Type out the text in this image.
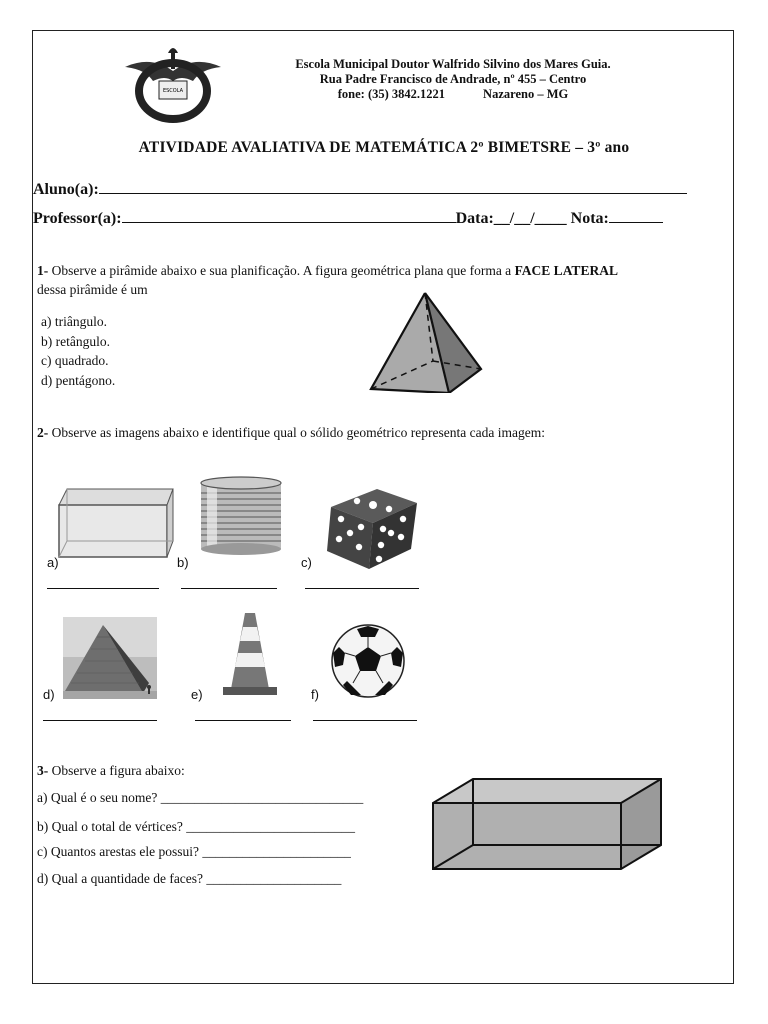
ESCOLA
Escola Municipal Doutor Walfrido Silvino dos Mares Guia.
Rua Padre Francisco de Andrade, nº 455 – Centro
fone: (35) 3842.1221	Nazareno – MG
ATIVIDADE AVALIATIVA DE MATEMÁTICA 2º BIMETSRE – 3º ano
Aluno(a):
Professor(a):	Data:__/__/____ Nota:
1- Observe a pirâmide abaixo e sua planificação. A figura geométrica plana que forma a FACE LATERAL
dessa pirâmide é um
a) triângulo.
b) retângulo.
c) quadrado.
d) pentágono.
2- Observe as imagens abaixo e identifique qual o sólido geométrico representa cada imagem:
a)	b)	c)
d)	e)	f)
3- Observe a figura abaixo:
a) Qual é o seu nome? ______________________________
b) Qual o total de vértices? _________________________
c) Quantos arestas ele possui? ______________________
d) Qual a quantidade de faces? ____________________
